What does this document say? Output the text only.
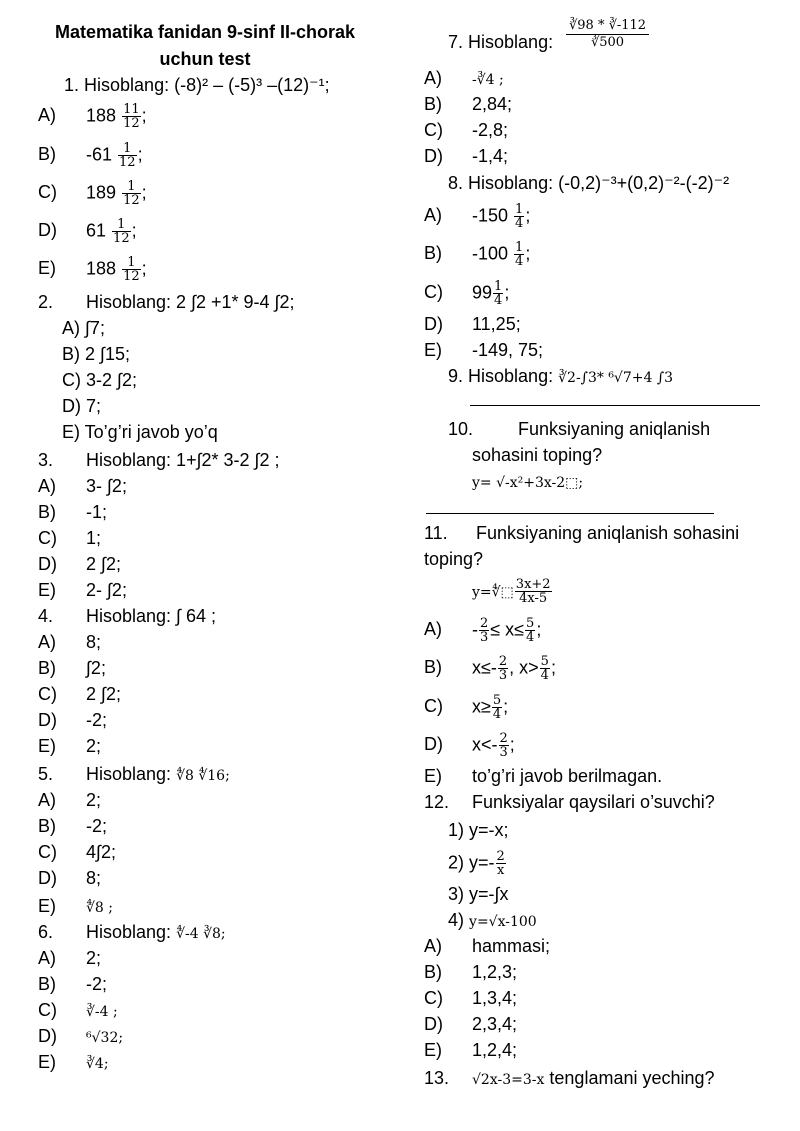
Matematika fanidan 9-sinf II-chorak
uchun test
1. Hisoblang: (-8)² – (-5)³ –(12)⁻¹;
A) $188 \frac{11}{12}$ ;
B) $-61 \frac{1}{12}$ ;
C) $189 \frac{1}{12}$ ;
D) $61 \frac{1}{12}$ ;
E) $188 \frac{1}{12}$ ;
2. Hisoblang: 2 ∫2 +1* 9-4 ∫2;
A) ∫7;
B) 2 ∫15;
C) 3-2 ∫2;
D) 7;
E) To’g’ri javob yo’q
3. Hisoblang: 1+∫2* 3-2 ∫2 ;
A) 3- ∫2;
B) -1;
C) 1;
D) 2 ∫2;
E) 2- ∫2;
4. Hisoblang: ∫ 64 ;
A) 8;
B) ∫2;
C) 2 ∫2;
D) -2;
E) 2;
5. Hisoblang: ∜8 ∜16;
A) 2;
B) -2;
C) 4∫2;
D) 8;
E) ∜8 ;
6. Hisoblang: ∜-4 ∛8;
A) 2;
B) -2;
C) ∛-4 ;
D) ⁶√32;
E) ∛4;
7. Hisoblang:
∛98 * ∛-112
∛500
A) -∛4 ;
B) 2,84;
C) -2,8;
D) -1,4;
8. Hisoblang: (-0,2)⁻³+(0,2)⁻²-(-2)⁻²
A) $-150 \frac{1}{4}$ ;
B) $-100 \frac{1}{4}$ ;
C) $99 \frac{1}{4}$ ;
D) 11,25;
E) -149, 75;
9. Hisoblang: ∛2-∫3* ⁶√7+4 ∫3
10. Funksiyaning aniqlanish
sohasini toping?
y= √-x²+3x-2⬚;
11. Funksiyaning aniqlanish sohasini
toping?
y=∜⬚ $\frac{3x+2}{4x-5}$
$A) - \frac{2}{3} \le x\le \frac{5}{4}$ ;
B) $x\le- \frac{2}{3}$ , $x> \frac{5}{4}$ ;
C) $x\ge \frac{5}{4}$ ;
D) $x<- \frac{2}{3}$ ;
E) to’g’ri javob berilmagan.
12. Funksiyalar qaysilari o’suvchi?
1) y=-x;
2) $y=- \frac{2}{x}$
3) y=-∫x
4) y=√x-100
A) hammasi;
B) 1,2,3;
C) 1,3,4;
D) 2,3,4;
E) 1,2,4;
13. √2x-3=3-x tenglamani yeching?
